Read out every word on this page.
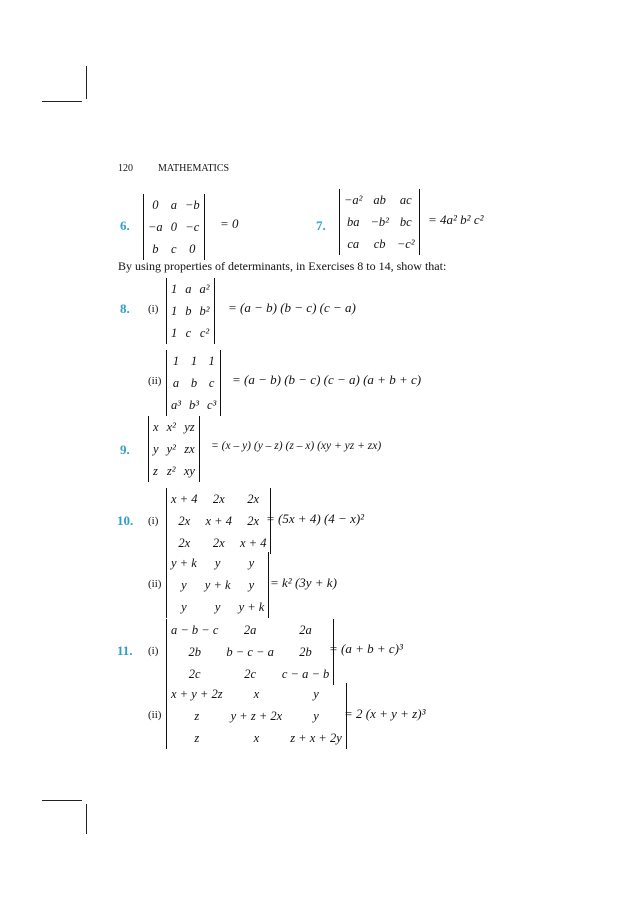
120	MATHEMATICS
6.
0	a	−b
−a	0	−c
b	c	0
= 0	7.
−a²	ab	ac
ba	−b²	bc
ca	cb	−c²
= 4a² b² c²
By using properties of determinants, in Exercises 8 to 14, show that:
8. (i)
1	a	a²
1	b	b²
1	c	c²
= (a − b) (b − c) (c − a)
(ii)
1	1	1
a	b	c
a³	b³	c³
= (a − b) (b − c) (c − a) (a + b + c)
9.
x	x²	yz
y	y²	zx
z	z²	xy
= (x – y) (y – z) (z – x) (xy + yz + zx)
10. (i)
x + 4	2x	2x
2x	x + 4	2x
2x	2x	x + 4
= (5x + 4) (4 − x)²
(ii)
y + k	y	y
y	y + k	y
y	y	y + k
= k² (3y + k)
11. (i)
a − b − c	2a	2a
2b	b − c − a	2b
2c	2c	c − a − b
= (a + b + c)³
(ii)
x + y + 2z	x	y
z	y + z + 2x	y
z	x	z + x + 2y
= 2 (x + y + z)³
